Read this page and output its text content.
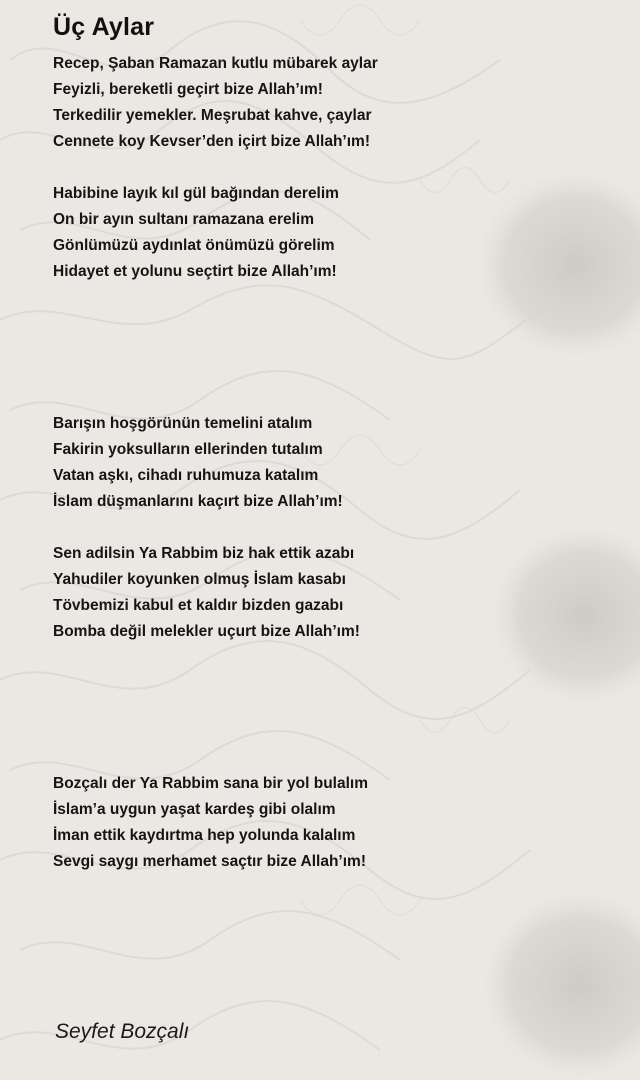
Üç Aylar
Recep, Şaban Ramazan kutlu mübarek aylar
Feyizli, bereketli geçirt bize Allah’ım!
Terkedilir yemekler. Meşrubat kahve, çaylar
Cennete koy Kevser’den içirt bize Allah’ım!
Habibine layık kıl gül bağından derelim
On bir ayın sultanı ramazana erelim
Gönlümüzü aydınlat önümüzü görelim
Hidayet et yolunu seçtirt bize Allah’ım!
Barışın hoşgörünün temelini atalım
Fakirin yoksulların ellerinden tutalım
Vatan aşkı, cihadı ruhumuza katalım
İslam düşmanlarını kaçırt bize Allah’ım!
Sen adilsin Ya Rabbim biz hak ettik azabı
Yahudiler koyunken olmuş İslam kasabı
Tövbemizi kabul et kaldır bizden gazabı
Bomba değil melekler uçurt bize Allah’ım!
Bozçalı der Ya Rabbim sana bir yol bulalım
İslam’a uygun yaşat kardeş gibi olalım
İman ettik kaydırtma hep yolunda kalalım
Sevgi saygı merhamet saçtır bize Allah’ım!
Seyfet Bozçalı
